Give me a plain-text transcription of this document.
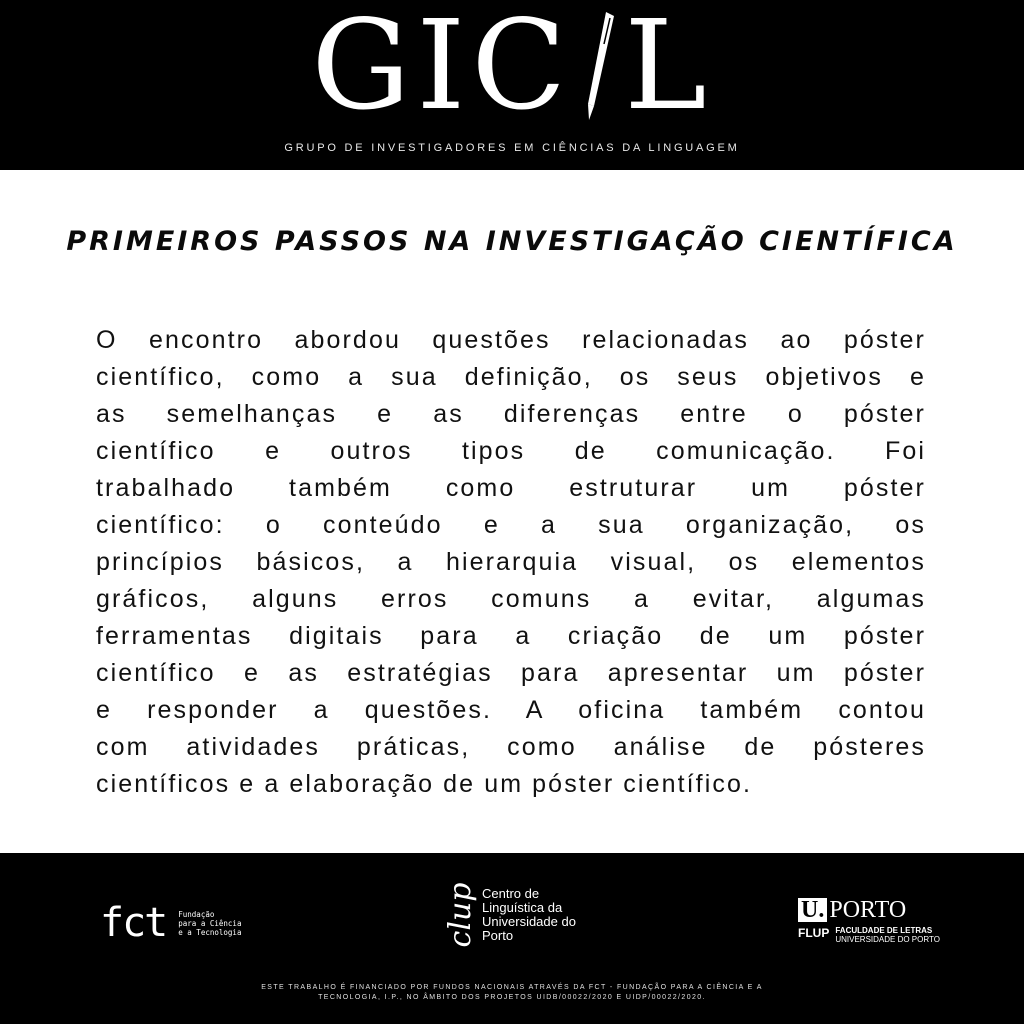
GIC L
GRUPO DE INVESTIGADORES EM CIÊNCIAS DA LINGUAGEM
PRIMEIROS PASSOS NA INVESTIGAÇÃO CIENTÍFICA
O encontro abordou questões relacionadas ao póster
científico, como a sua definição, os seus objetivos e
as semelhanças e as diferenças entre o póster
científico e outros tipos de comunicação. Foi
trabalhado também como estruturar um póster
científico: o conteúdo e a sua organização, os
princípios básicos, a hierarquia visual, os elementos
gráficos, alguns erros comuns a evitar, algumas
ferramentas digitais para a criação de um póster
científico e as estratégias para apresentar um póster
e responder a questões. A oficina também contou
com atividades práticas, como análise de pósteres
científicos e a elaboração de um póster científico.
fct Fundação
para a Ciência
e a Tecnologia	clup Centro de
Linguística da
Universidade do
Porto
U. PORTO
FLUP FACULDADE DE LETRAS
UNIVERSIDADE DO PORTO
ESTE TRABALHO É FINANCIADO POR FUNDOS NACIONAIS ATRAVÉS DA FCT - FUNDAÇÃO PARA A CIÊNCIA E A
TECNOLOGIA, I.P., NO ÂMBITO DOS PROJETOS UIDB/00022/2020 E UIDP/00022/2020.
